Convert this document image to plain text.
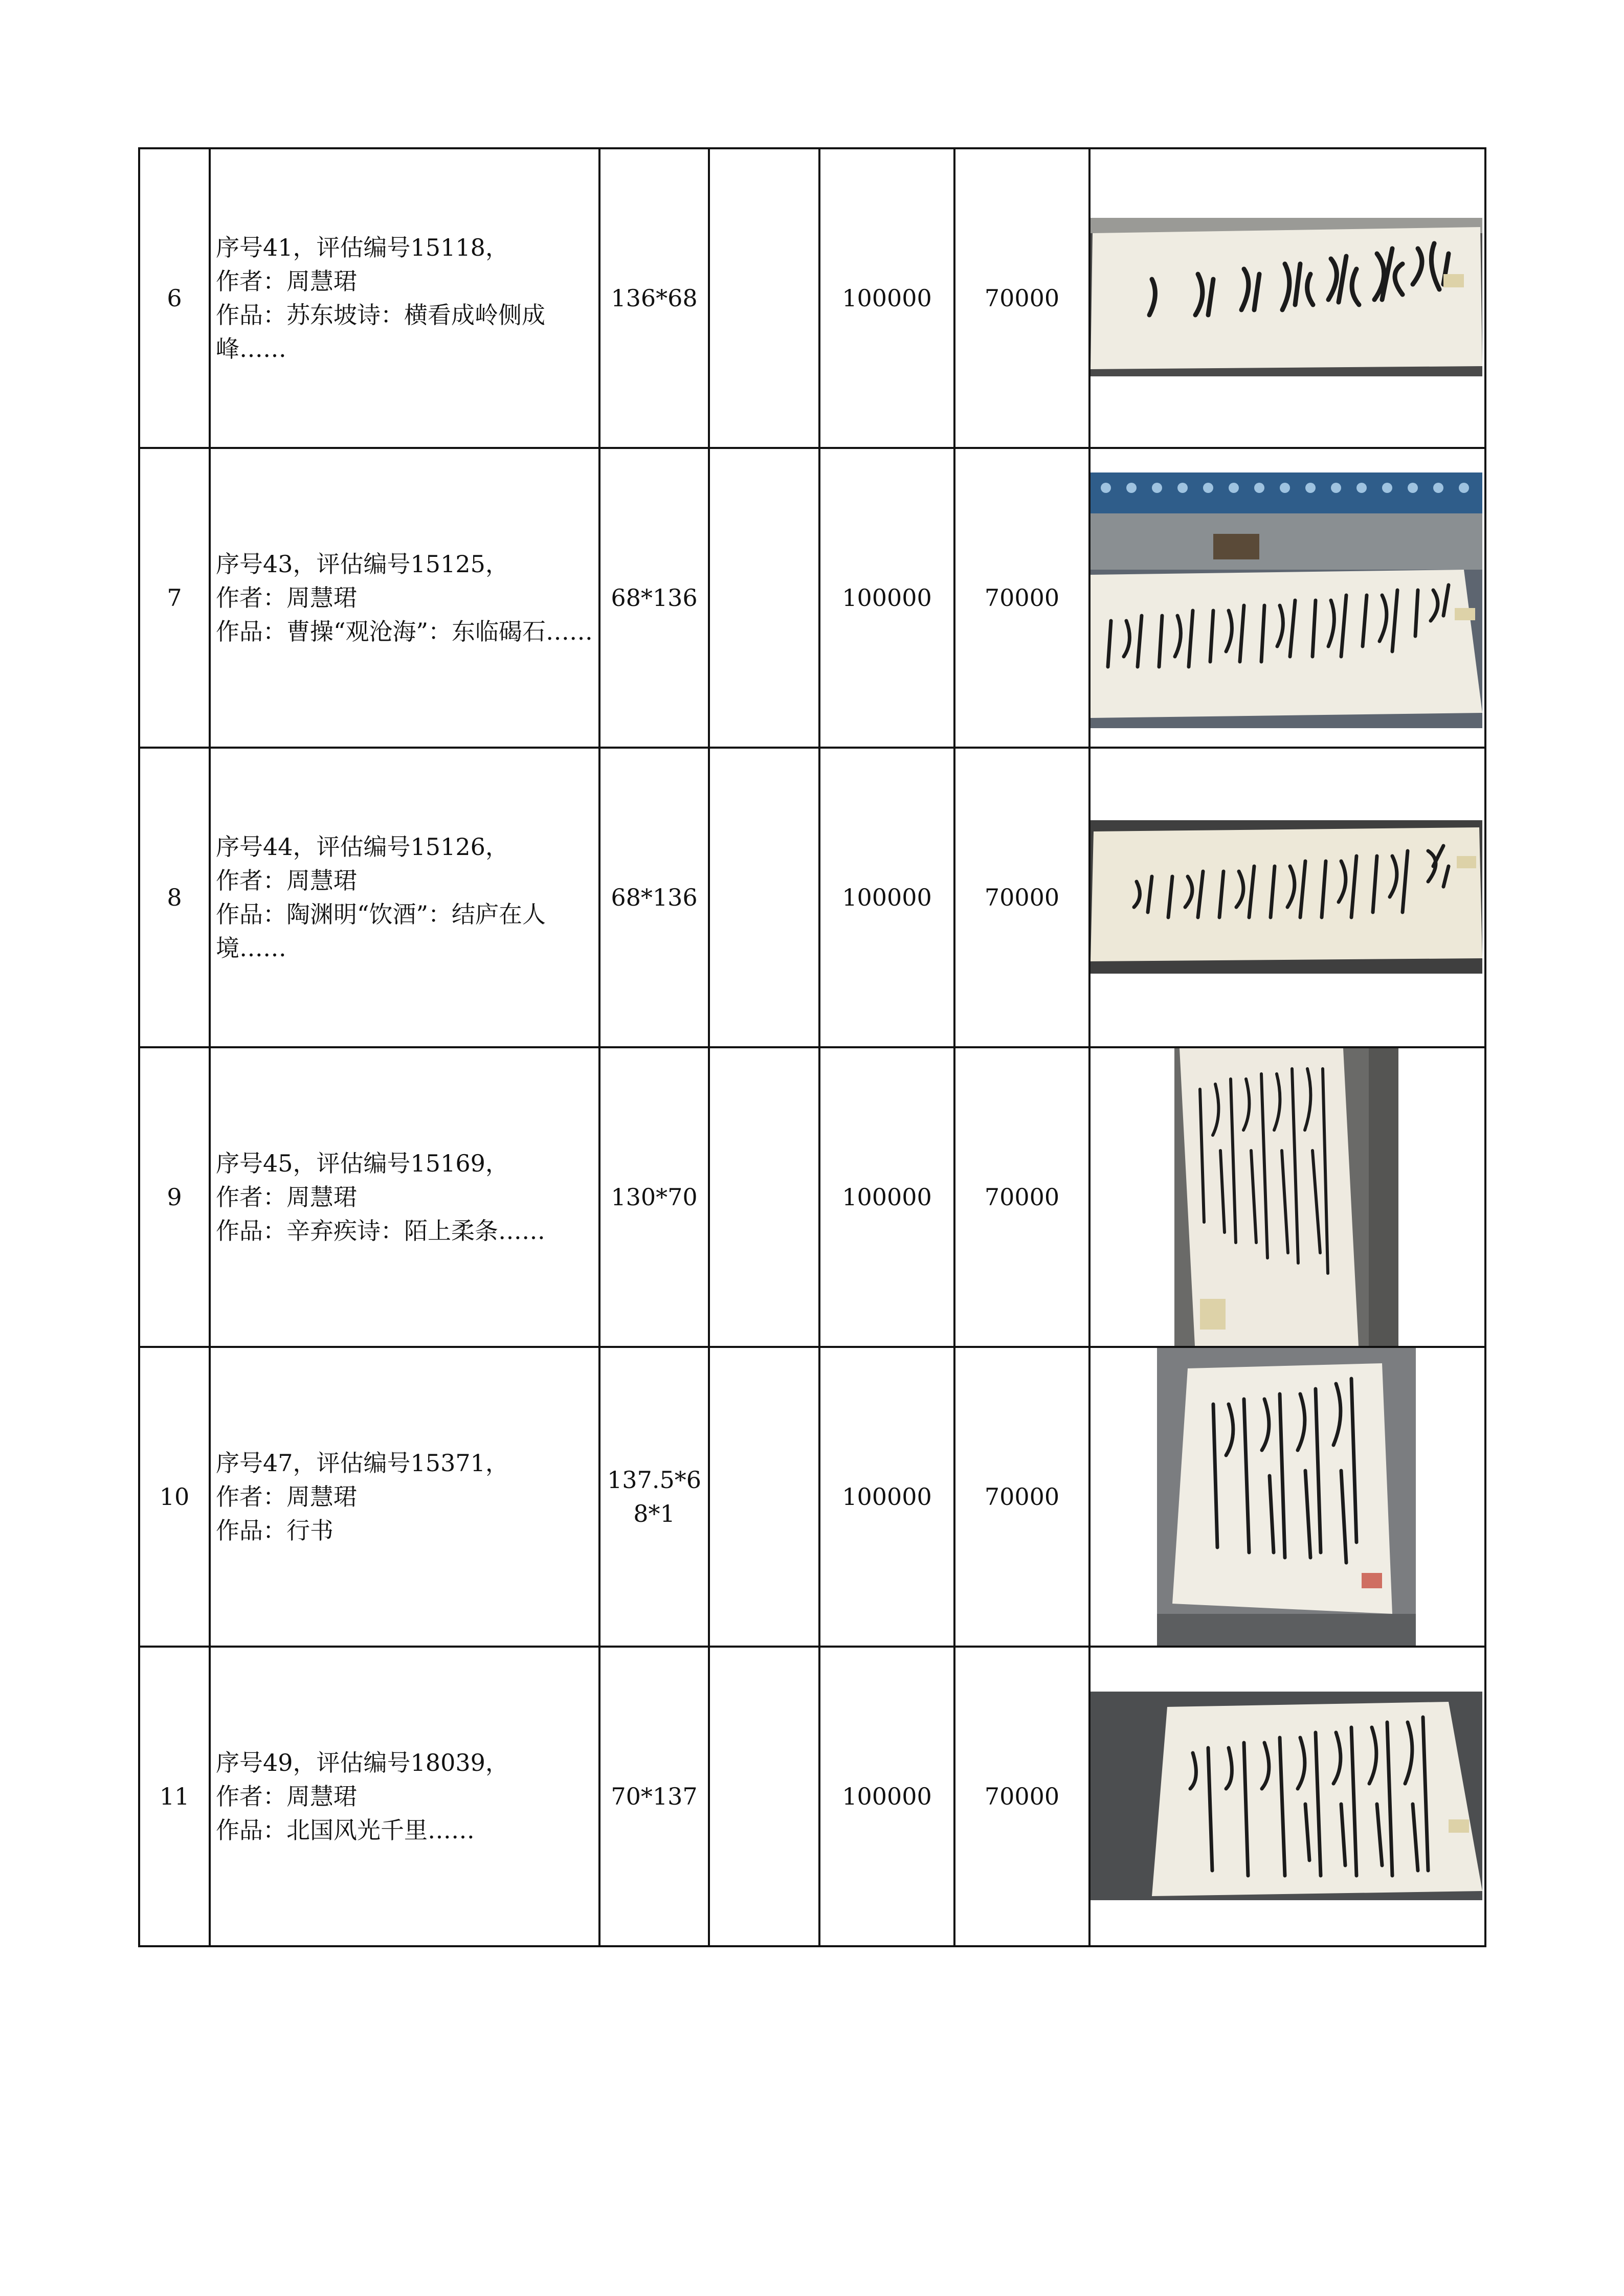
6	序号41，评估编号15118，
作者：周慧珺
作品：苏东坡诗：横看成岭侧成峰……	136*68		100000	70000	

7	序号43，评估编号15125，
作者：周慧珺
作品：曹操“观沧海”：东临碣石……	68*136		100000	70000	

8	序号44，评估编号15126，
作者：周慧珺
作品：陶渊明“饮酒”：结庐在人境……	68*136		100000	70000	

9	序号45，评估编号15169，
作者：周慧珺
作品：辛弃疾诗：陌上柔条……	130*70		100000	70000	

10	序号47，评估编号15371，
作者：周慧珺
作品：行书	137.5*68*1		100000	70000	

11	序号49，评估编号18039，
作者：周慧珺
作品：北国风光千里……	70*137		100000	70000	
